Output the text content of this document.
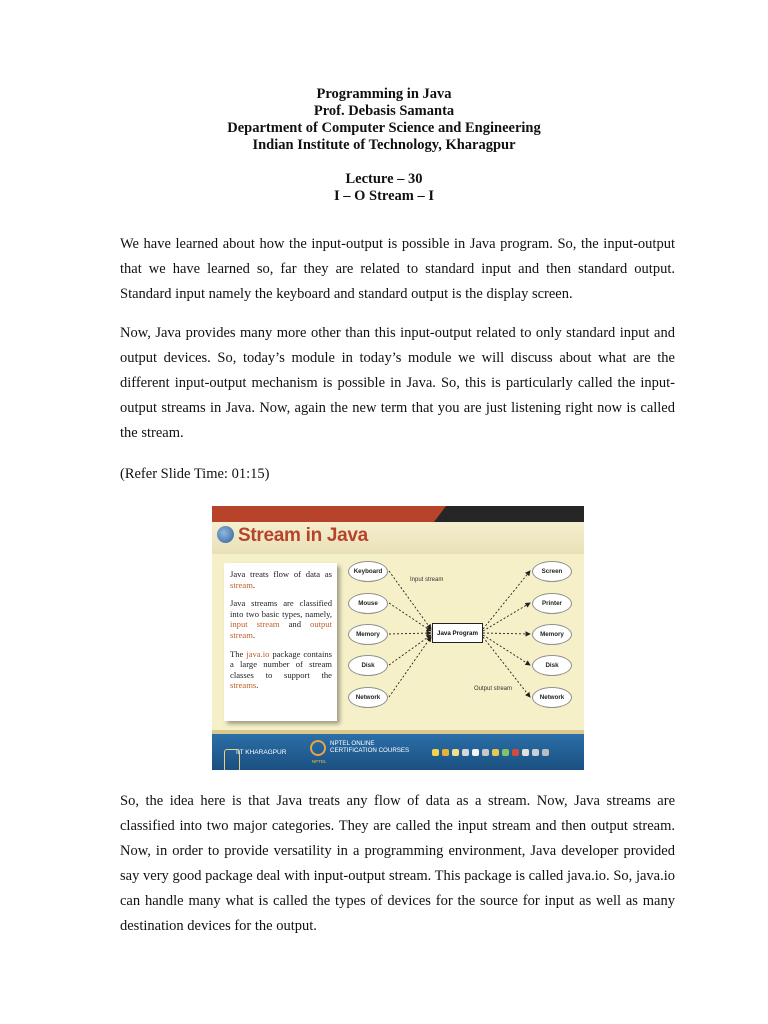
Programming in Java
Prof. Debasis Samanta
Department of Computer Science and Engineering
Indian Institute of Technology, Kharagpur
Lecture – 30
I – O Stream – I
We have learned about how the input-output is possible in Java program. So, the input-output that we have learned so, far they are related to standard input and then standard output. Standard input namely the keyboard and standard output is the display screen.
Now, Java provides many more other than this input-output related to only standard input and output devices. So, today’s module in today’s module we will discuss about what are the different input-output mechanism is possible in Java. So, this is particularly called the input-output streams in Java. Now, again the new term that you are just listening right now is called the stream.
(Refer Slide Time: 01:15)
Stream in Java

Java treats flow of data as stream.

Java streams are classified into two basic types, namely, input stream and output stream.

The java.io package contains a large number of stream classes to support the streams.

Keyboard
Mouse
Memory
Disk
Network
Java Program
Screen
Printer
Memory
Disk
Network
Input stream
Output stream
IIT KHARAGPUR
NPTEL ONLINE
CERTIFICATION COURSES
NPTEL
So, the idea here is that Java treats any flow of data as a stream. Now, Java streams are classified into two major categories. They are called the input stream and then output stream. Now, in order to provide versatility in a programming environment, Java developer provided say very good package deal with input-output stream. This package is called java.io. So, java.io can handle many what is called the types of devices for the source for input as well as many destination devices for the output.
